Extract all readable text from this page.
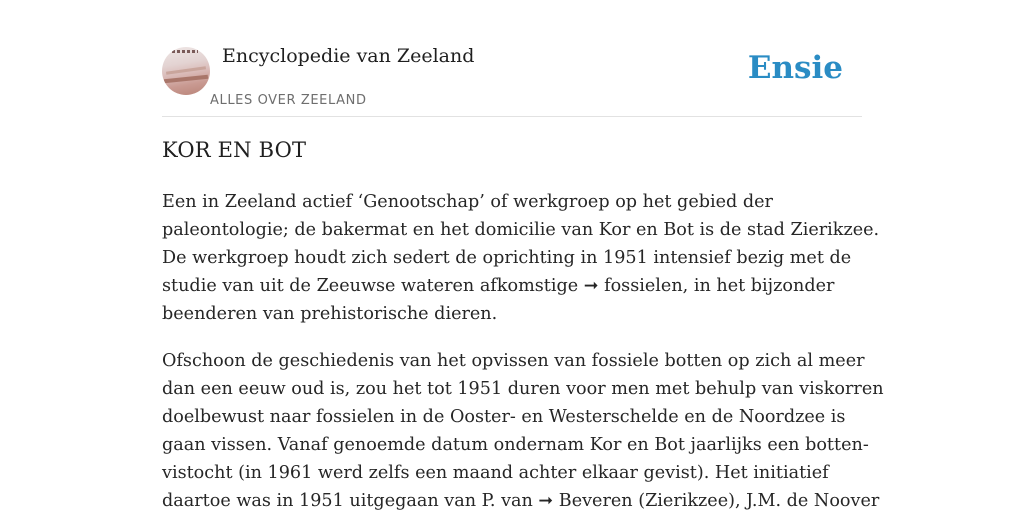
Encyclopedie van Zeeland
ALLES OVER ZEELAND
Ensie
KOR EN BOT

Een in Zeeland actief ‘Genootschap’ of werkgroep op het gebied der
paleontologie; de bakermat en het domicilie van Kor en Bot is de stad Zierikzee.
De werkgroep houdt zich sedert de oprichting in 1951 intensief bezig met de
studie van uit de Zeeuwse wateren afkomstige ➞ fossielen, in het bijzonder
beenderen van prehistorische dieren.

Ofschoon de geschiedenis van het opvissen van fossiele botten op zich al meer
dan een eeuw oud is, zou het tot 1951 duren voor men met behulp van viskorren
doelbewust naar fossielen in de Ooster- en Westerschelde en de Noordzee is
gaan vissen. Vanaf genoemde datum ondernam Kor en Bot jaarlijks een botten-
vistocht (in 1961 werd zelfs een maand achter elkaar gevist). Het initiatief
daartoe was in 1951 uitgegaan van P. van ➞ Beveren (Zierikzee), J.M. de Noover
